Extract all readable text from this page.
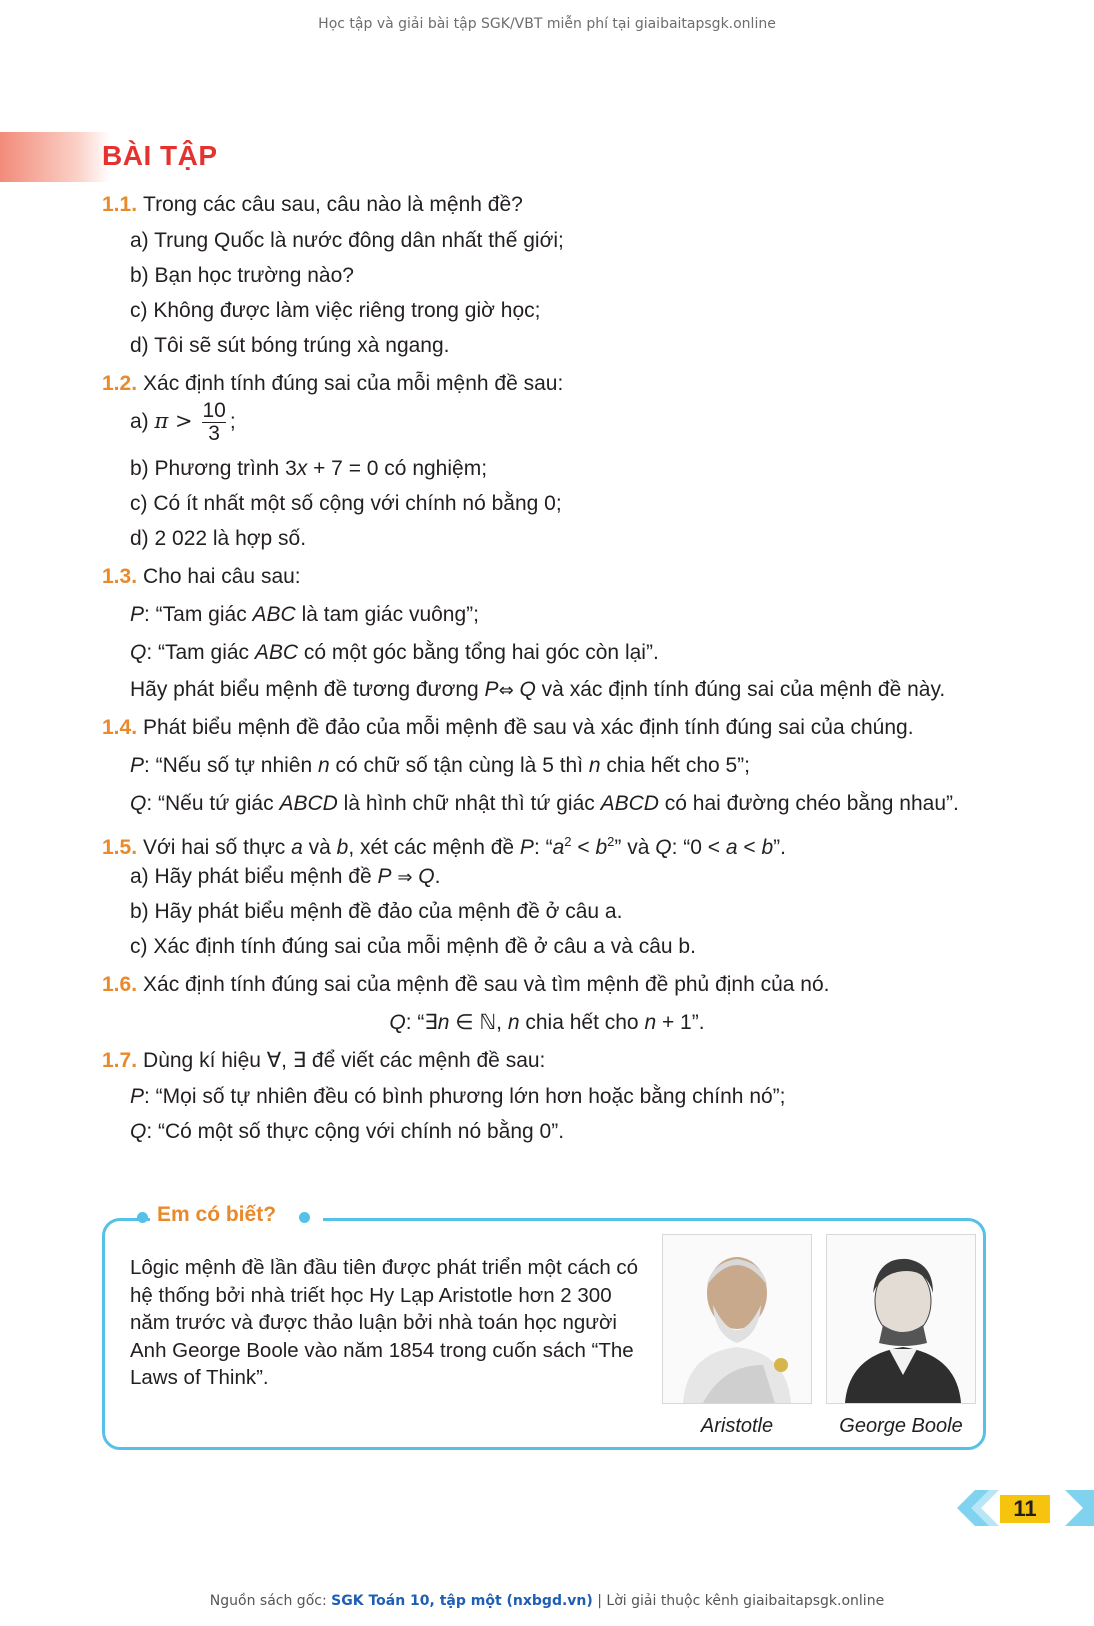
Học tập và giải bài tập SGK/VBT miễn phí tại giaibaitapsgk.online
BÀI TẬP
1.1. Trong các câu sau, câu nào là mệnh đề?
a) Trung Quốc là nước đông dân nhất thế giới;
b) Bạn học trường nào?
c) Không được làm việc riêng trong giờ học;
d) Tôi sẽ sút bóng trúng xà ngang.
1.2. Xác định tính đúng sai của mỗi mệnh đề sau:
a) $\pi > \frac{10}{3}$ ;
b) Phương trình 3x + 7 = 0 có nghiệm;
c) Có ít nhất một số cộng với chính nó bằng 0;
d) 2 022 là hợp số.
1.3. Cho hai câu sau:
P: “Tam giác ABC là tam giác vuông”;
Q: “Tam giác ABC có một góc bằng tổng hai góc còn lại”.
Hãy phát biểu mệnh đề tương đương P⇔ Q và xác định tính đúng sai của mệnh đề này.
1.4. Phát biểu mệnh đề đảo của mỗi mệnh đề sau và xác định tính đúng sai của chúng.
P: “Nếu số tự nhiên n có chữ số tận cùng là 5 thì n chia hết cho 5”;
Q: “Nếu tứ giác ABCD là hình chữ nhật thì tứ giác ABCD có hai đường chéo bằng nhau”.
1.5. Với hai số thực a và b, xét các mệnh đề P: “$a^2 < b^2$” và Q: “0 < a < b”.
a) Hãy phát biểu mệnh đề P ⇒ Q.
b) Hãy phát biểu mệnh đề đảo của mệnh đề ở câu a.
c) Xác định tính đúng sai của mỗi mệnh đề ở câu a và câu b.
1.6. Xác định tính đúng sai của mệnh đề sau và tìm mệnh đề phủ định của nó.
Q: “∃n ∈ ℕ, n chia hết cho n + 1”.
1.7. Dùng kí hiệu ∀, ∃ để viết các mệnh đề sau:
P: “Mọi số tự nhiên đều có bình phương lớn hơn hoặc bằng chính nó”;
Q: “Có một số thực cộng với chính nó bằng 0”.
Em có biết?
Lôgic mệnh đề lần đầu tiên được phát triển một cách có hệ thống bởi nhà triết học Hy Lạp Aristotle hơn 2 300 năm trước và được thảo luận bởi nhà toán học người Anh George Boole vào năm 1854 trong cuốn sách “The Laws of Think”.
Aristotle	George Boole
11
Nguồn sách gốc: SGK Toán 10, tập một (nxbgd.vn) | Lời giải thuộc kênh giaibaitapsgk.online
